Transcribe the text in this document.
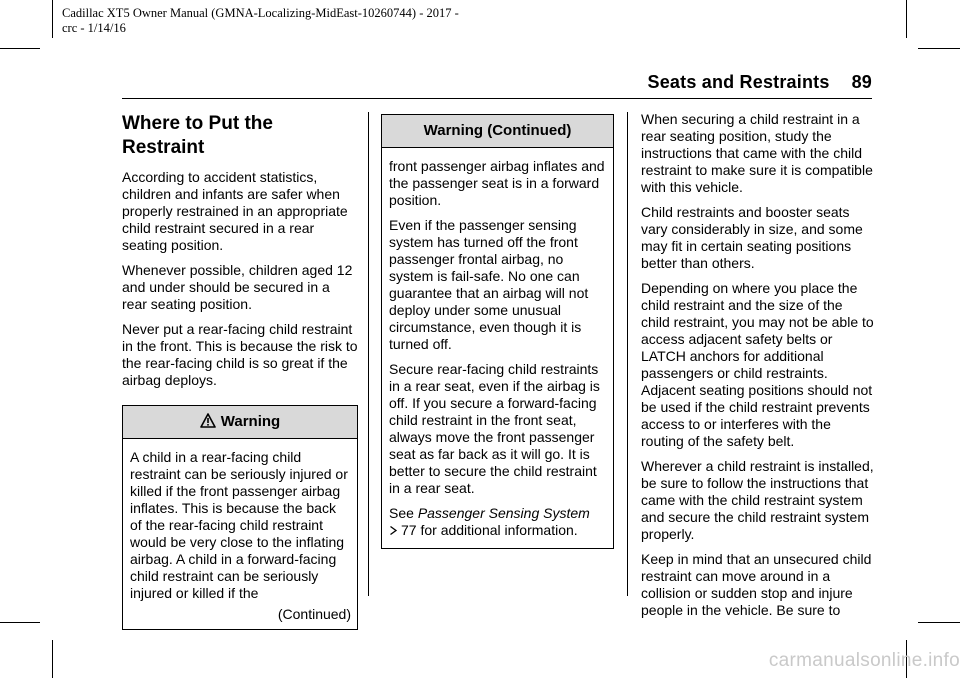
Cadillac XT5 Owner Manual (GMNA-Localizing-MidEast-10260744) - 2017 -
crc - 1/14/16
Seats and Restraints 89
Where to Put the
Restraint

According to accident statistics, children and infants are safer when properly restrained in an appropriate child restraint secured in a rear seating position.

Whenever possible, children aged 12 and under should be secured in a rear seating position.

Never put a rear-facing child restraint in the front. This is because the risk to the rear-facing child is so great if the airbag deploys.

Warning

A child in a rear-facing child restraint can be seriously injured or killed if the front passenger airbag inflates. This is because the back of the rear-facing child restraint would be very close to the inflating airbag. A child in a forward-facing child restraint can be seriously injured or killed if the

(Continued)
Warning (Continued)

front passenger airbag inflates and the passenger seat is in a forward position.

Even if the passenger sensing system has turned off the front passenger frontal airbag, no system is fail-safe. No one can guarantee that an airbag will not deploy under some unusual circumstance, even though it is turned off.

Secure rear-facing child restraints in a rear seat, even if the airbag is off. If you secure a forward-facing child restraint in the front seat, always move the front passenger seat as far back as it will go. It is better to secure the child restraint in a rear seat.

See Passenger Sensing System
77 for additional information.

When securing a child restraint in a rear seating position, study the instructions that came with the child restraint to make sure it is compatible with this vehicle.

Child restraints and booster seats vary considerably in size, and some may fit in certain seating positions better than others.

Depending on where you place the child restraint and the size of the child restraint, you may not be able to access adjacent safety belts or LATCH anchors for additional passengers or child restraints. Adjacent seating positions should not be used if the child restraint prevents access to or interferes with the routing of the safety belt.

Wherever a child restraint is installed, be sure to follow the instructions that came with the child restraint system and secure the child restraint system properly.

Keep in mind that an unsecured child restraint can move around in a collision or sudden stop and injure people in the vehicle. Be sure to

carmanualsonline.info
